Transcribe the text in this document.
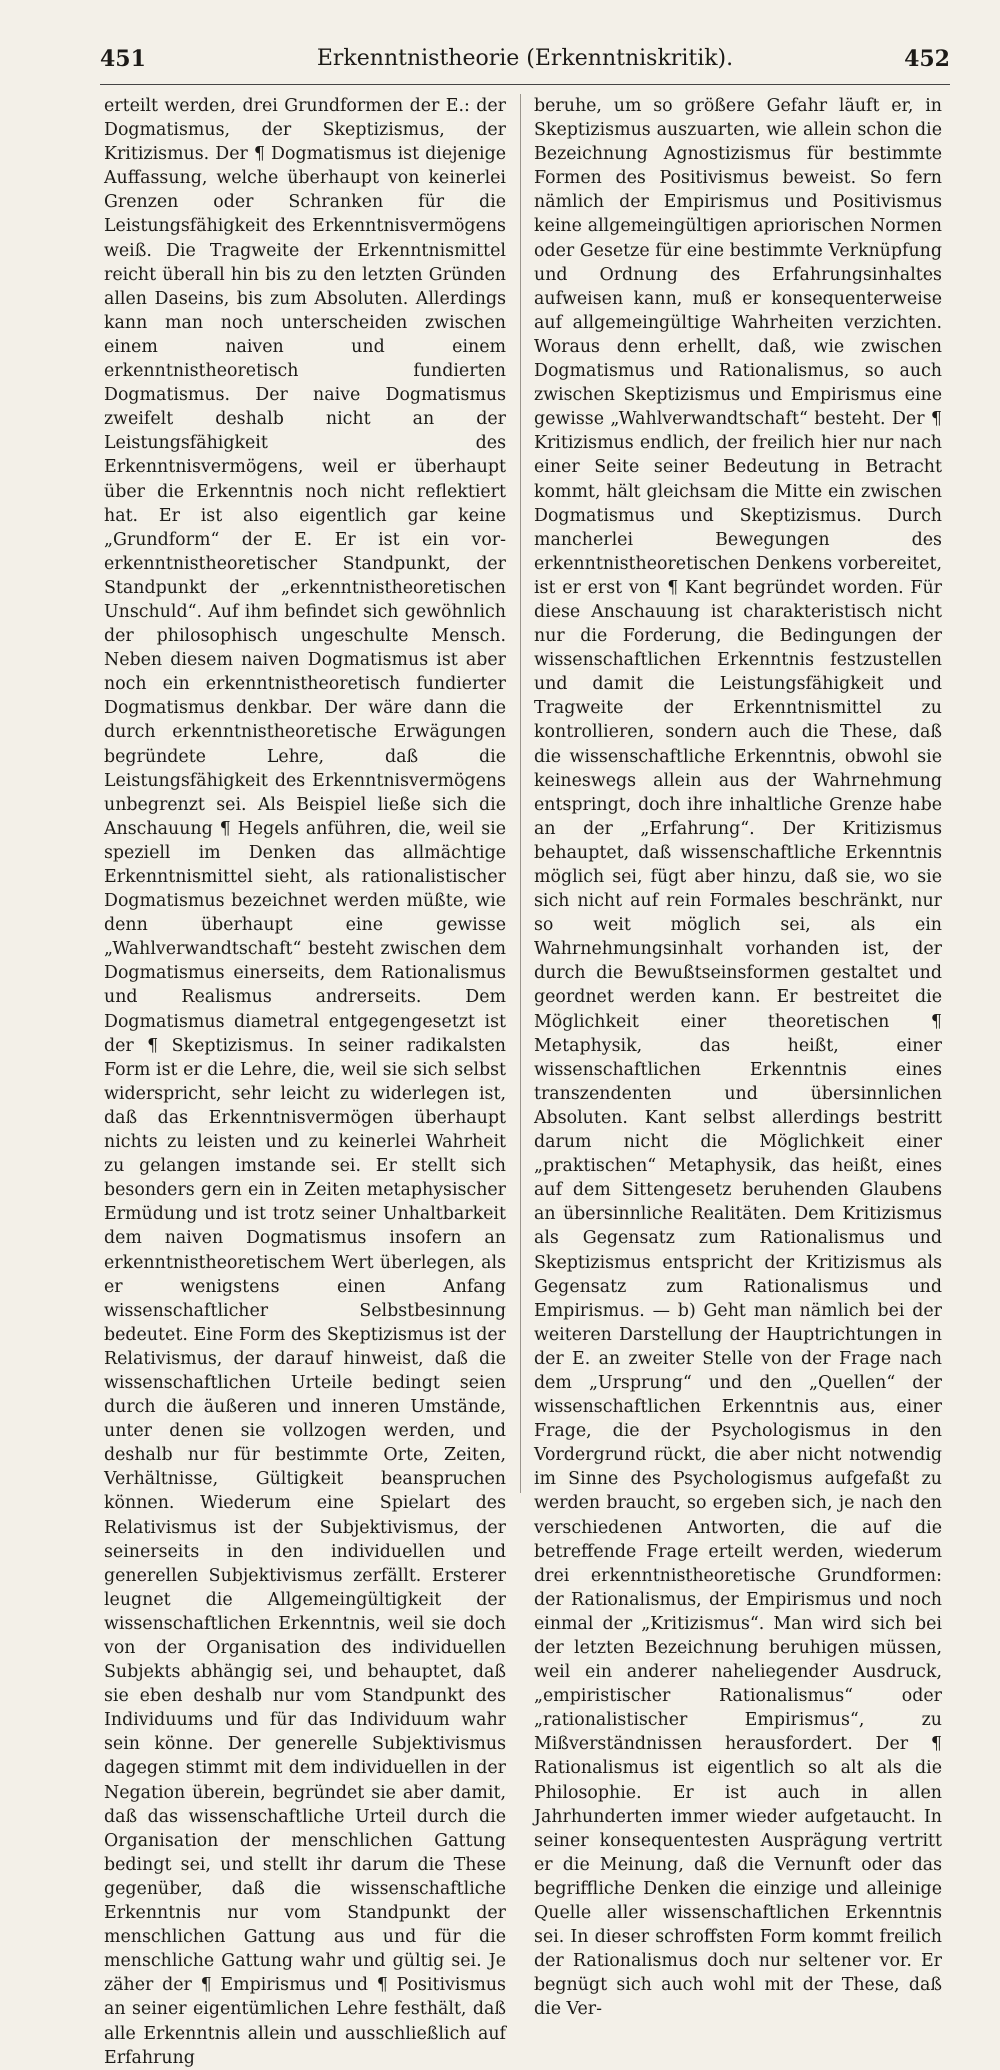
451	Erkenntnistheorie (Erkenntniskritik).	452

erteilt werden, drei Grundformen der E.: der Dogmatismus, der Skeptizismus, der Kritizismus. Der ¶ Dogmatismus ist diejenige Auffassung, welche überhaupt von keinerlei Grenzen oder Schranken für die Leistungsfähigkeit des Erkenntnisvermögens weiß. Die Tragweite der Erkenntnismittel reicht überall hin bis zu den letzten Gründen allen Daseins, bis zum Absoluten. Allerdings kann man noch unterscheiden zwischen einem naiven und einem erkenntnistheoretisch fundierten Dogmatismus. Der naive Dogmatismus zweifelt deshalb nicht an der Leistungsfähigkeit des Erkenntnisvermögens, weil er überhaupt über die Erkenntnis noch nicht reflektiert hat. Er ist also eigentlich gar keine „Grundform“ der E. Er ist ein vor-erkenntnistheoretischer Standpunkt, der Standpunkt der „erkenntnistheoretischen Unschuld“. Auf ihm befindet sich gewöhnlich der philosophisch ungeschulte Mensch. Neben diesem naiven Dogmatismus ist aber noch ein erkenntnistheoretisch fundierter Dogmatismus denkbar. Der wäre dann die durch erkenntnistheoretische Erwägungen begründete Lehre, daß die Leistungsfähigkeit des Erkenntnisvermögens unbegrenzt sei. Als Beispiel ließe sich die Anschauung ¶ Hegels anführen, die, weil sie speziell im Denken das allmächtige Erkenntnismittel sieht, als rationalistischer Dogmatismus bezeichnet werden müßte, wie denn überhaupt eine gewisse „Wahlverwandtschaft“ besteht zwischen dem Dogmatismus einerseits, dem Rationalismus und Realismus andrerseits. Dem Dogmatismus diametral entgegengesetzt ist der ¶ Skeptizismus. In seiner radikalsten Form ist er die Lehre, die, weil sie sich selbst widerspricht, sehr leicht zu widerlegen ist, daß das Erkenntnisvermögen überhaupt nichts zu leisten und zu keinerlei Wahrheit zu gelangen imstande sei. Er stellt sich besonders gern ein in Zeiten metaphysischer Ermüdung und ist trotz seiner Unhaltbarkeit dem naiven Dogmatismus insofern an erkenntnistheoretischem Wert überlegen, als er wenigstens einen Anfang wissenschaftlicher Selbstbesinnung bedeutet. Eine Form des Skeptizismus ist der Relativismus, der darauf hinweist, daß die wissenschaftlichen Urteile bedingt seien durch die äußeren und inneren Umstände, unter denen sie vollzogen werden, und deshalb nur für bestimmte Orte, Zeiten, Verhältnisse, Gültigkeit beanspruchen können. Wiederum eine Spielart des Relativismus ist der Subjektivismus, der seinerseits in den individuellen und generellen Subjektivismus zerfällt. Ersterer leugnet die Allgemeingültigkeit der wissenschaftlichen Erkenntnis, weil sie doch von der Organisation des individuellen Subjekts abhängig sei, und behauptet, daß sie eben deshalb nur vom Standpunkt des Individuums und für das Individuum wahr sein könne. Der generelle Subjektivismus dagegen stimmt mit dem individuellen in der Negation überein, begründet sie aber damit, daß das wissenschaftliche Urteil durch die Organisation der menschlichen Gattung bedingt sei, und stellt ihr darum die These gegenüber, daß die wissenschaftliche Erkenntnis nur vom Standpunkt der menschlichen Gattung aus und für die menschliche Gattung wahr und gültig sei. Je zäher der ¶ Empirismus und ¶ Positivismus an seiner eigentümlichen Lehre festhält, daß alle Erkenntnis allein und ausschließlich auf Erfahrung

beruhe, um so größere Gefahr läuft er, in Skeptizismus auszuarten, wie allein schon die Bezeichnung Agnostizismus für bestimmte Formen des Positivismus beweist. So fern nämlich der Empirismus und Positivismus keine allgemeingültigen apriorischen Normen oder Gesetze für eine bestimmte Verknüpfung und Ordnung des Erfahrungsinhaltes aufweisen kann, muß er konsequenterweise auf allgemeingültige Wahrheiten verzichten. Woraus denn erhellt, daß, wie zwischen Dogmatismus und Rationalismus, so auch zwischen Skeptizismus und Empirismus eine gewisse „Wahlverwandtschaft“ besteht. Der ¶ Kritizismus endlich, der freilich hier nur nach einer Seite seiner Bedeutung in Betracht kommt, hält gleichsam die Mitte ein zwischen Dogmatismus und Skeptizismus. Durch mancherlei Bewegungen des erkenntnistheoretischen Denkens vorbereitet, ist er erst von ¶ Kant begründet worden. Für diese Anschauung ist charakteristisch nicht nur die Forderung, die Bedingungen der wissenschaftlichen Erkenntnis festzustellen und damit die Leistungsfähigkeit und Tragweite der Erkenntnismittel zu kontrollieren, sondern auch die These, daß die wissenschaftliche Erkenntnis, obwohl sie keineswegs allein aus der Wahrnehmung entspringt, doch ihre inhaltliche Grenze habe an der „Erfahrung“. Der Kritizismus behauptet, daß wissenschaftliche Erkenntnis möglich sei, fügt aber hinzu, daß sie, wo sie sich nicht auf rein Formales beschränkt, nur so weit möglich sei, als ein Wahrnehmungsinhalt vorhanden ist, der durch die Bewußtseinsformen gestaltet und geordnet werden kann. Er bestreitet die Möglichkeit einer theoretischen ¶ Metaphysik, das heißt, einer wissenschaftlichen Erkenntnis eines transzendenten und übersinnlichen Absoluten. Kant selbst allerdings bestritt darum nicht die Möglichkeit einer „praktischen“ Metaphysik, das heißt, eines auf dem Sittengesetz beruhenden Glaubens an übersinnliche Realitäten. Dem Kritizismus als Gegensatz zum Rationalismus und Skeptizismus entspricht der Kritizismus als Gegensatz zum Rationalismus und Empirismus. — b) Geht man nämlich bei der weiteren Darstellung der Hauptrichtungen in der E. an zweiter Stelle von der Frage nach dem „Ursprung“ und den „Quellen“ der wissenschaftlichen Erkenntnis aus, einer Frage, die der Psychologismus in den Vordergrund rückt, die aber nicht notwendig im Sinne des Psychologismus aufgefaßt zu werden braucht, so ergeben sich, je nach den verschiedenen Antworten, die auf die betreffende Frage erteilt werden, wiederum drei erkenntnistheoretische Grundformen: der Rationalismus, der Empirismus und noch einmal der „Kritizismus“. Man wird sich bei der letzten Bezeichnung beruhigen müssen, weil ein anderer naheliegender Ausdruck, „empiristischer Rationalismus“ oder „rationalistischer Empirismus“, zu Mißverständnissen herausfordert. Der ¶ Rationalismus ist eigentlich so alt als die Philosophie. Er ist auch in allen Jahrhunderten immer wieder aufgetaucht. In seiner konsequentesten Ausprägung vertritt er die Meinung, daß die Vernunft oder das begriffliche Denken die einzige und alleinige Quelle aller wissenschaftlichen Erkenntnis sei. In dieser schroffsten Form kommt freilich der Rationalismus doch nur seltener vor. Er begnügt sich auch wohl mit der These, daß die Ver-
